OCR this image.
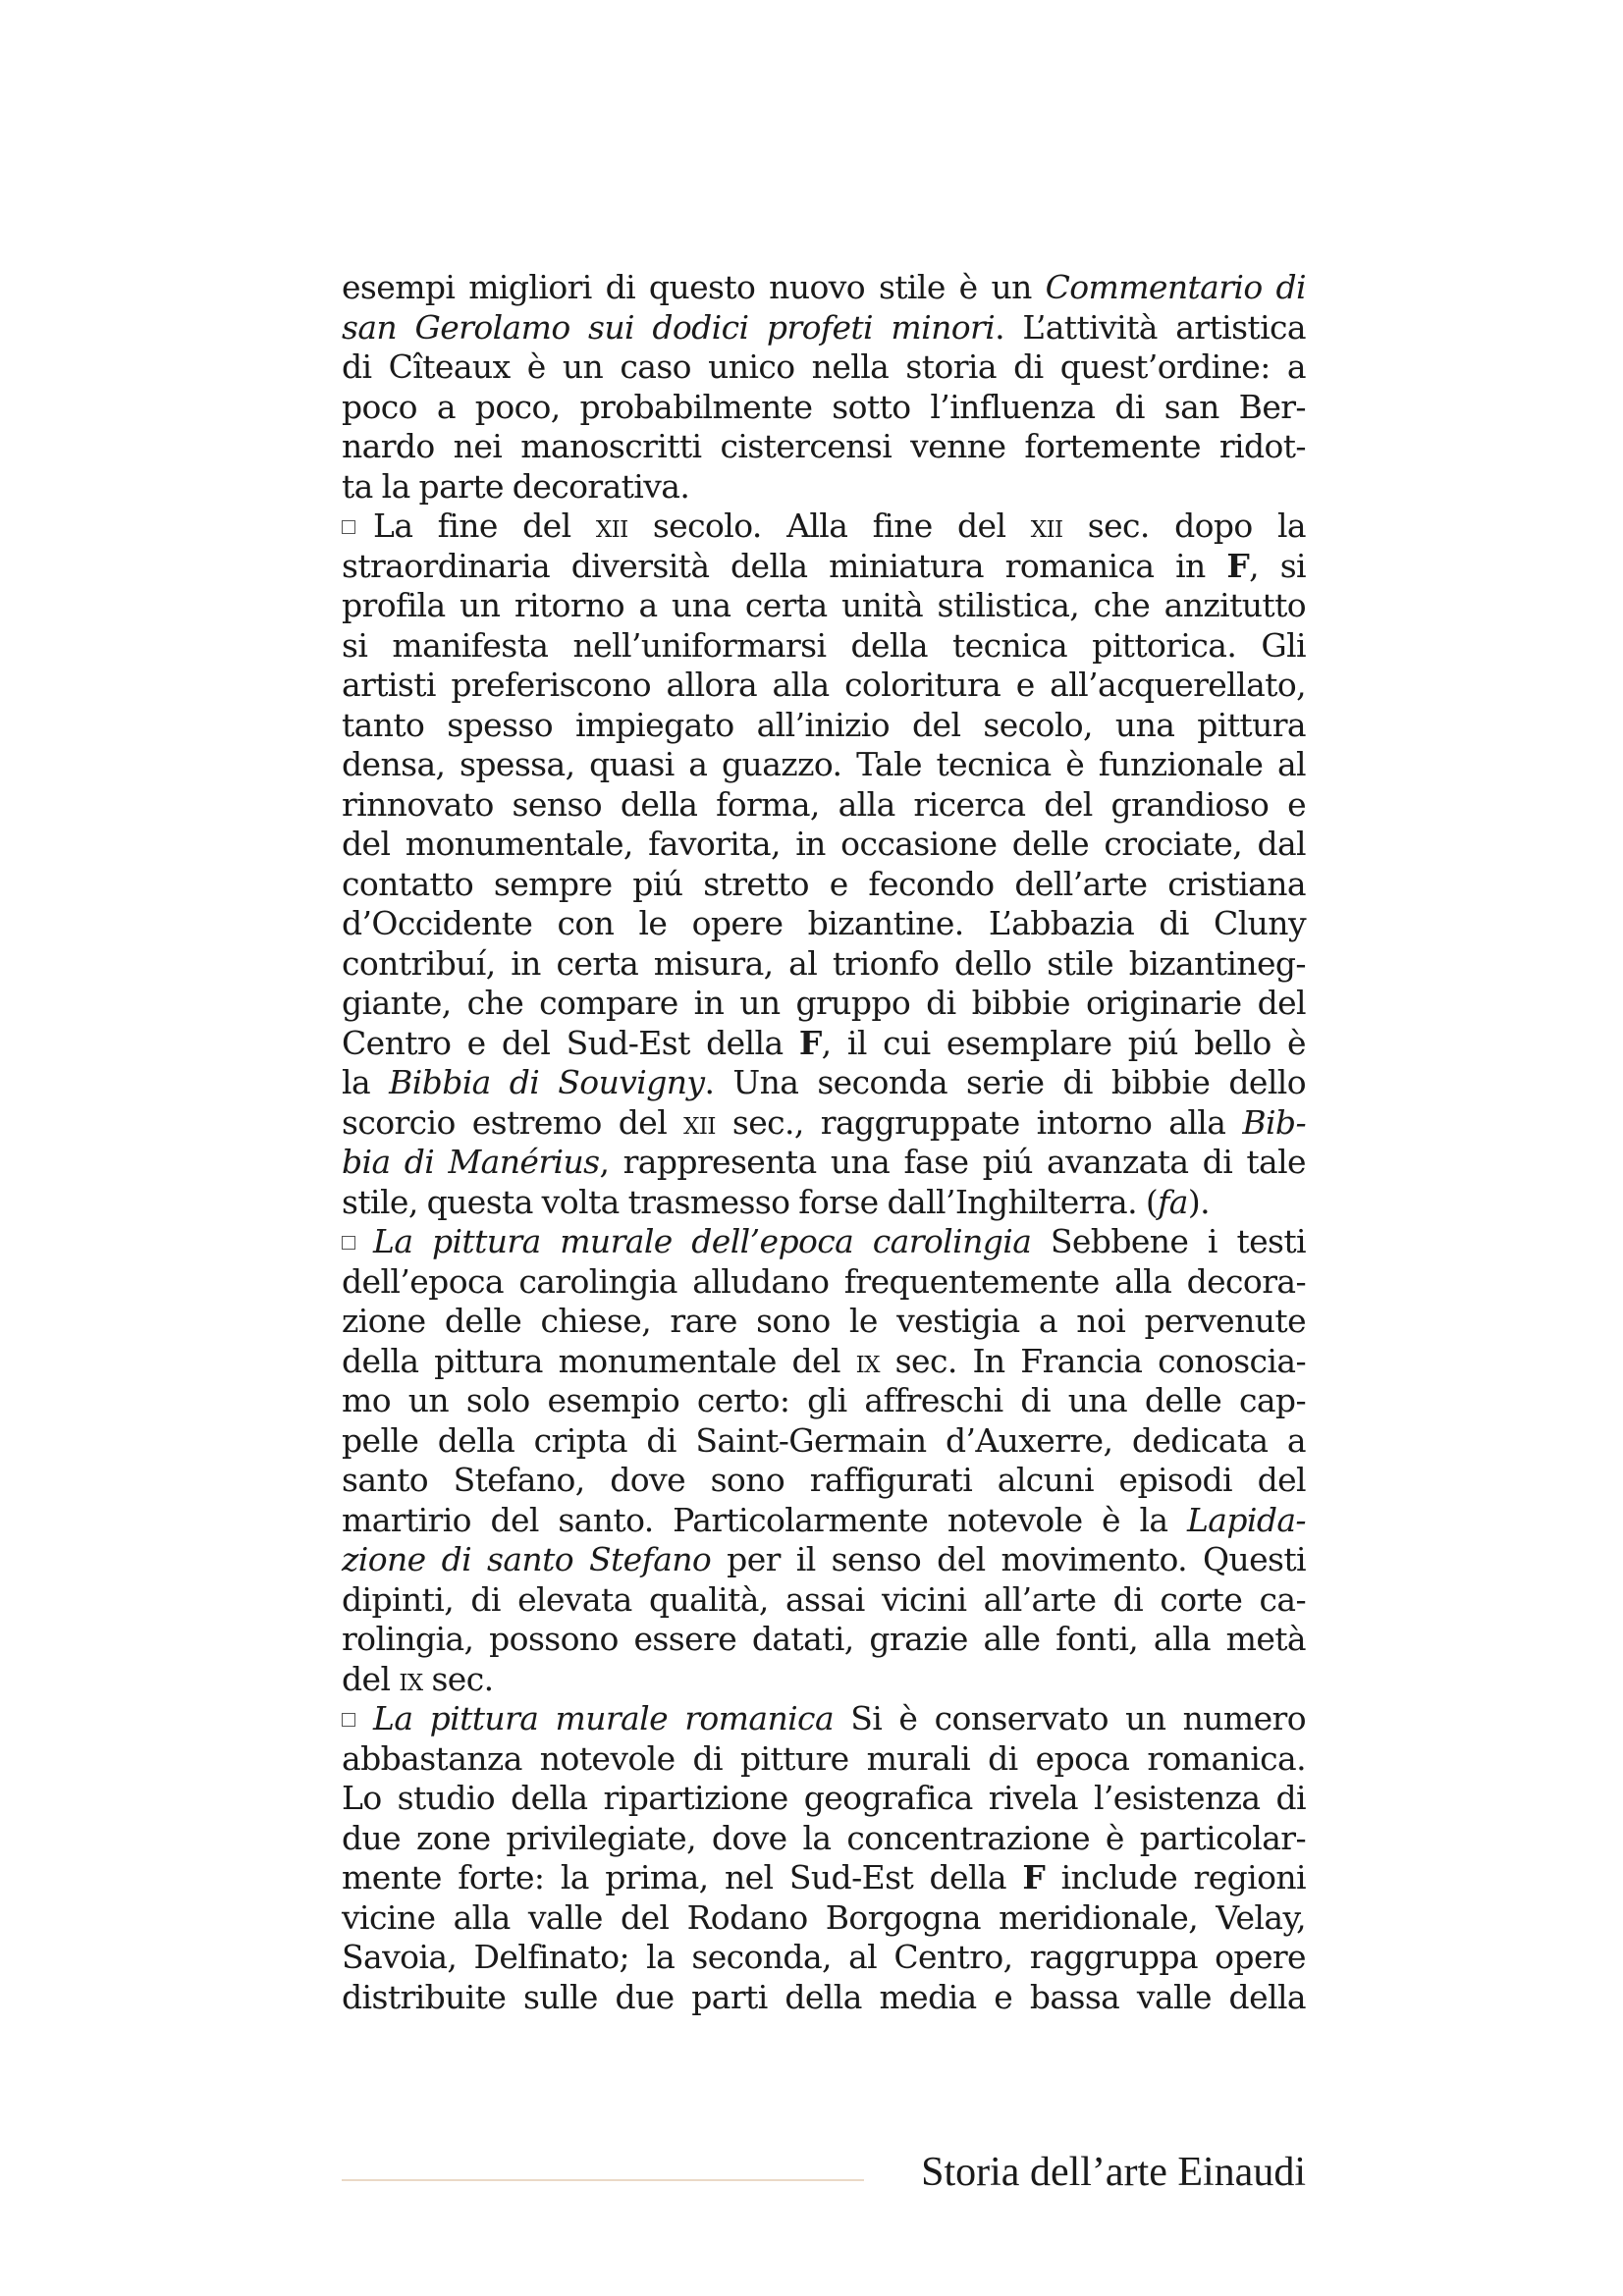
esempi migliori di questo nuovo stile è un Commentario di
san Gerolamo sui dodici profeti minori. L’attività artistica
di Cîteaux è un caso unico nella storia di quest’ordine: a
poco a poco, probabilmente sotto l’influenza di san Ber-
nardo nei manoscritti cistercensi venne fortemente ridot-
ta la parte decorativa.
La fine del xii secolo. Alla fine del xii sec. dopo la
straordinaria diversità della miniatura romanica in F, si
profila un ritorno a una certa unità stilistica, che anzitutto
si manifesta nell’uniformarsi della tecnica pittorica. Gli
artisti preferiscono allora alla coloritura e all’acquerellato,
tanto spesso impiegato all’inizio del secolo, una pittura
densa, spessa, quasi a guazzo. Tale tecnica è funzionale al
rinnovato senso della forma, alla ricerca del grandioso e
del monumentale, favorita, in occasione delle crociate, dal
contatto sempre piú stretto e fecondo dell’arte cristiana
d’Occidente con le opere bizantine. L’abbazia di Cluny
contribuí, in certa misura, al trionfo dello stile bizantineg-
giante, che compare in un gruppo di bibbie originarie del
Centro e del Sud-Est della F, il cui esemplare piú bello è
la Bibbia di Souvigny. Una seconda serie di bibbie dello
scorcio estremo del xii sec., raggruppate intorno alla Bib-
bia di Manérius, rappresenta una fase piú avanzata di tale
stile, questa volta trasmesso forse dall’Inghilterra. (fa).
La pittura murale dell’epoca carolingia Sebbene i testi
dell’epoca carolingia alludano frequentemente alla decora-
zione delle chiese, rare sono le vestigia a noi pervenute
della pittura monumentale del ix sec. In Francia conoscia-
mo un solo esempio certo: gli affreschi di una delle cap-
pelle della cripta di Saint-Germain d’Auxerre, dedicata a
santo Stefano, dove sono raffigurati alcuni episodi del
martirio del santo. Particolarmente notevole è la Lapida-
zione di santo Stefano per il senso del movimento. Questi
dipinti, di elevata qualità, assai vicini all’arte di corte ca-
rolingia, possono essere datati, grazie alle fonti, alla metà
del ix sec.
La pittura murale romanica Si è conservato un numero
abbastanza notevole di pitture murali di epoca romanica.
Lo studio della ripartizione geografica rivela l’esistenza di
due zone privilegiate, dove la concentrazione è particolar-
mente forte: la prima, nel Sud-Est della F include regioni
vicine alla valle del Rodano Borgogna meridionale, Velay,
Savoia, Delfinato; la seconda, al Centro, raggruppa opere
distribuite sulle due parti della media e bassa valle della
Storia dell’arte Einaudi
